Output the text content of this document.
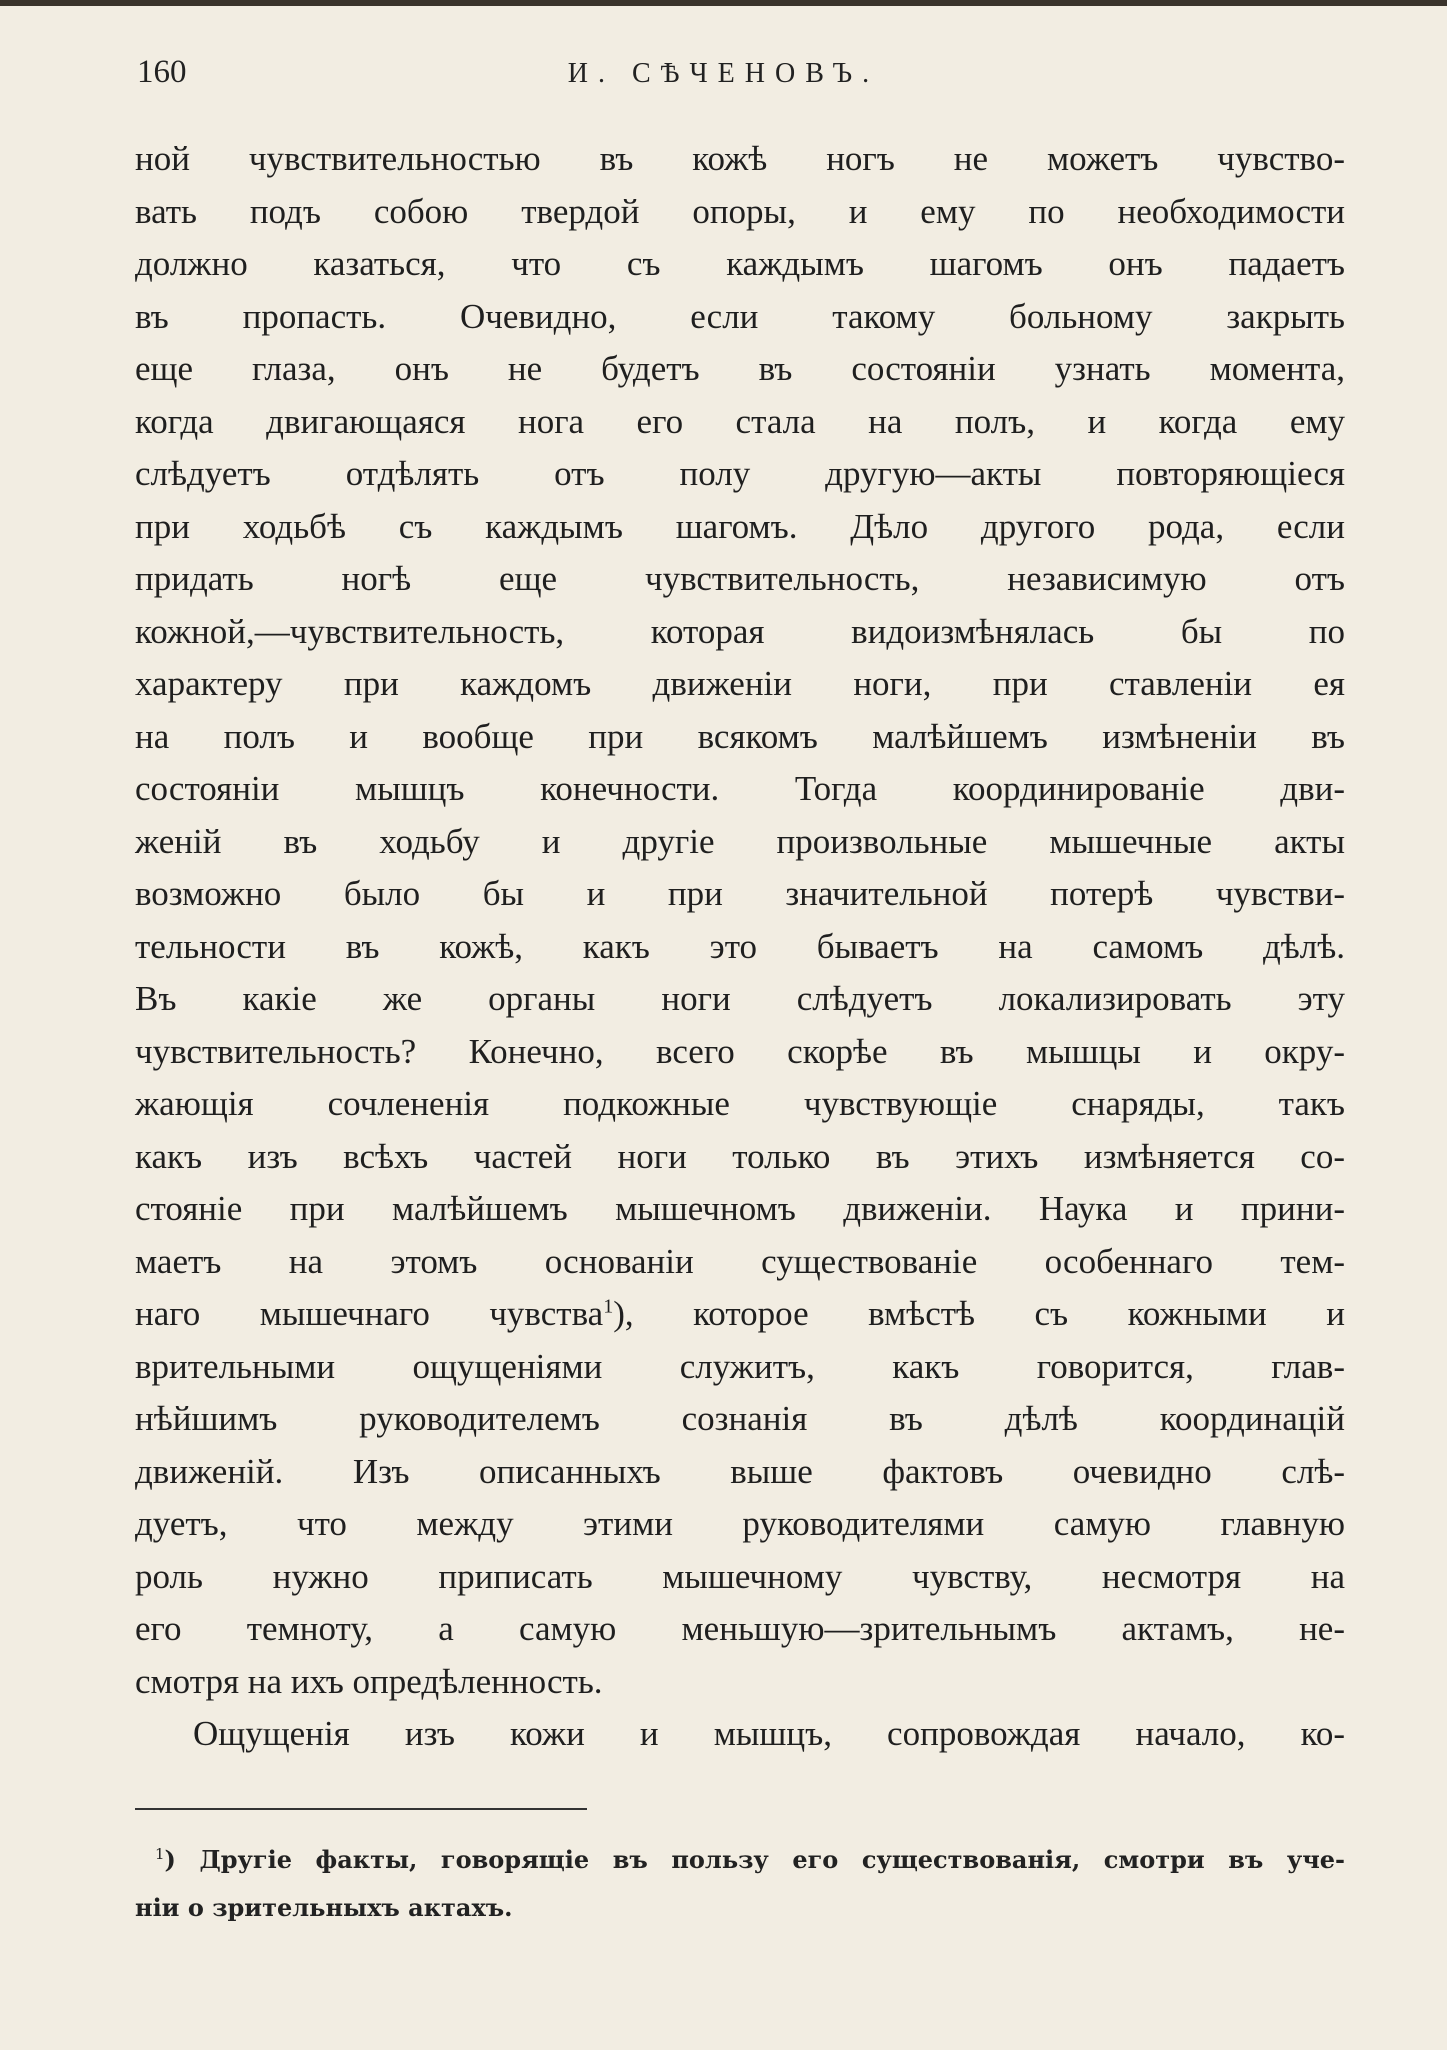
160	И. СѢЧЕНОВЪ.
ной чувствительностью въ кожѣ ногъ не можетъ чувство-
вать подъ собою твердой опоры, и ему по необходимости
должно казаться, что съ каждымъ шагомъ онъ падаетъ
въ пропасть. Очевидно, если такому больному закрыть
еще глаза, онъ не будетъ въ состояніи узнать момента,
когда двигающаяся нога его стала на полъ, и когда ему
слѣдуетъ отдѣлять отъ полу другую—акты повторяющіеся
при ходьбѣ съ каждымъ шагомъ. Дѣло другого рода, если
придать ногѣ еще чувствительность, независимую отъ
кожной,—чувствительность, которая видоизмѣнялась бы по
характеру при каждомъ движеніи ноги, при ставленіи ея
на полъ и вообще при всякомъ малѣйшемъ измѣненіи въ
состояніи мышцъ конечности. Тогда координированіе дви-
женій въ ходьбу и другіе произвольные мышечные акты
возможно было бы и при значительной потерѣ чувстви-
тельности въ кожѣ, какъ это бываетъ на самомъ дѣлѣ.
Въ какіе же органы ноги слѣдуетъ локализировать эту
чувствительность? Конечно, всего скорѣе въ мышцы и окру-
жающія сочлененія подкожные чувствующіе снаряды, такъ
какъ изъ всѣхъ частей ноги только въ этихъ измѣняется со-
стояніе при малѣйшемъ мышечномъ движеніи. Наука и прини-
маетъ на этомъ основаніи существованіе особеннаго тем-
наго мышечнаго чувства$^1$), которое вмѣстѣ съ кожными и
врительными ощущеніями служитъ, какъ говорится, глав-
нѣйшимъ руководителемъ сознанія въ дѣлѣ координацій
движеній. Изъ описанныхъ выше фактовъ очевидно слѣ-
дуетъ, что между этими руководителями самую главную
роль нужно приписать мышечному чувству, несмотря на
его темноту, а самую меньшую—зрительнымъ актамъ, не-
смотря на ихъ опредѣленность.
Ощущенія изъ кожи и мышцъ, сопровождая начало, ко-
$^1$) Другіе факты, говорящіе въ пользу его существованія, смотри въ уче-
ніи о зрительныхъ актахъ.
